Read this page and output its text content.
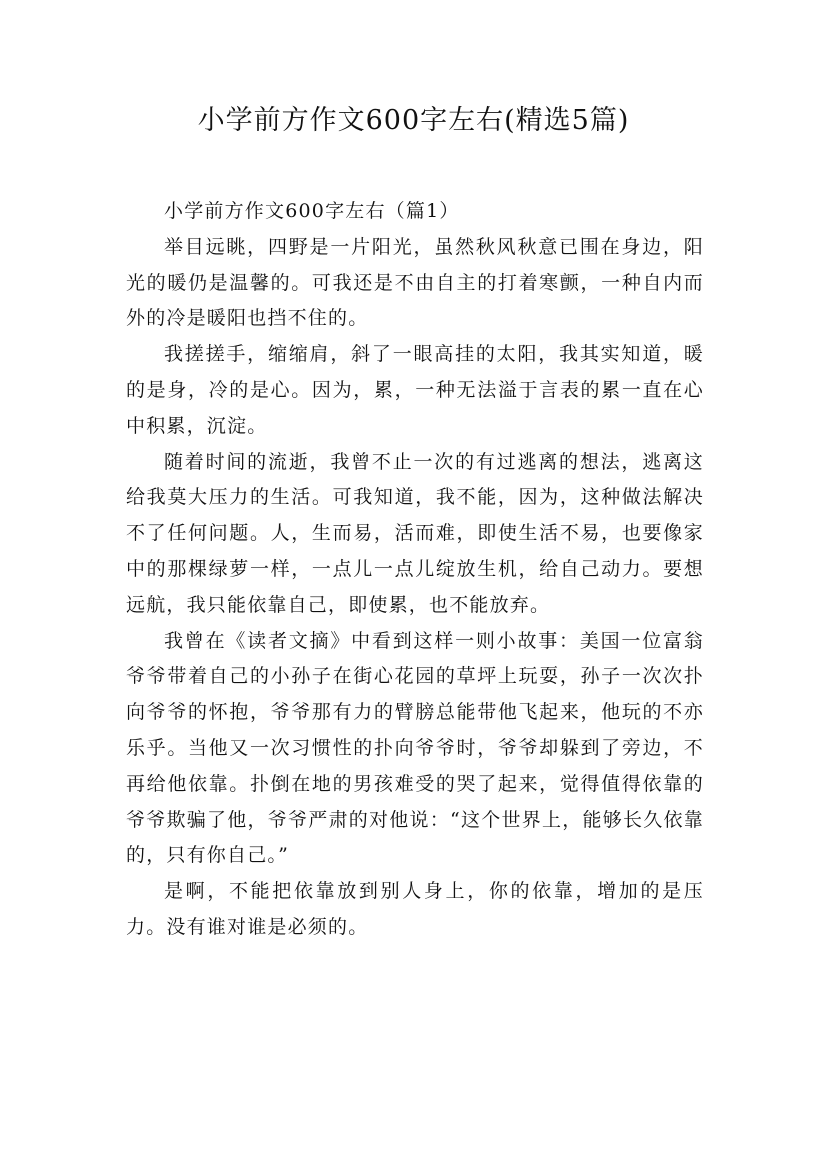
小学前方作文600字左右(精选5篇)

小学前方作文600字左右（篇1）

举目远眺，四野是一片阳光，虽然秋风秋意已围在身边，阳光的暖仍是温馨的。可我还是不由自主的打着寒颤，一种自内而外的冷是暖阳也挡不住的。

我搓搓手，缩缩肩，斜了一眼高挂的太阳，我其实知道，暖的是身，冷的是心。因为，累，一种无法溢于言表的累一直在心中积累，沉淀。

随着时间的流逝，我曾不止一次的有过逃离的想法，逃离这给我莫大压力的生活。可我知道，我不能，因为，这种做法解决不了任何问题。人，生而易，活而难，即使生活不易，也要像家中的那棵绿萝一样，一点儿一点儿绽放生机，给自己动力。要想远航，我只能依靠自己，即使累，也不能放弃。

我曾在《读者文摘》中看到这样一则小故事：美国一位富翁爷爷带着自己的小孙子在街心花园的草坪上玩耍，孙子一次次扑向爷爷的怀抱，爷爷那有力的臂膀总能带他飞起来，他玩的不亦乐乎。当他又一次习惯性的扑向爷爷时，爷爷却躲到了旁边，不再给他依靠。扑倒在地的男孩难受的哭了起来，觉得值得依靠的爷爷欺骗了他，爷爷严肃的对他说：“这个世界上，能够长久依靠的，只有你自己。”

是啊，不能把依靠放到别人身上，你的依靠，增加的是压力。没有谁对谁是必须的。
